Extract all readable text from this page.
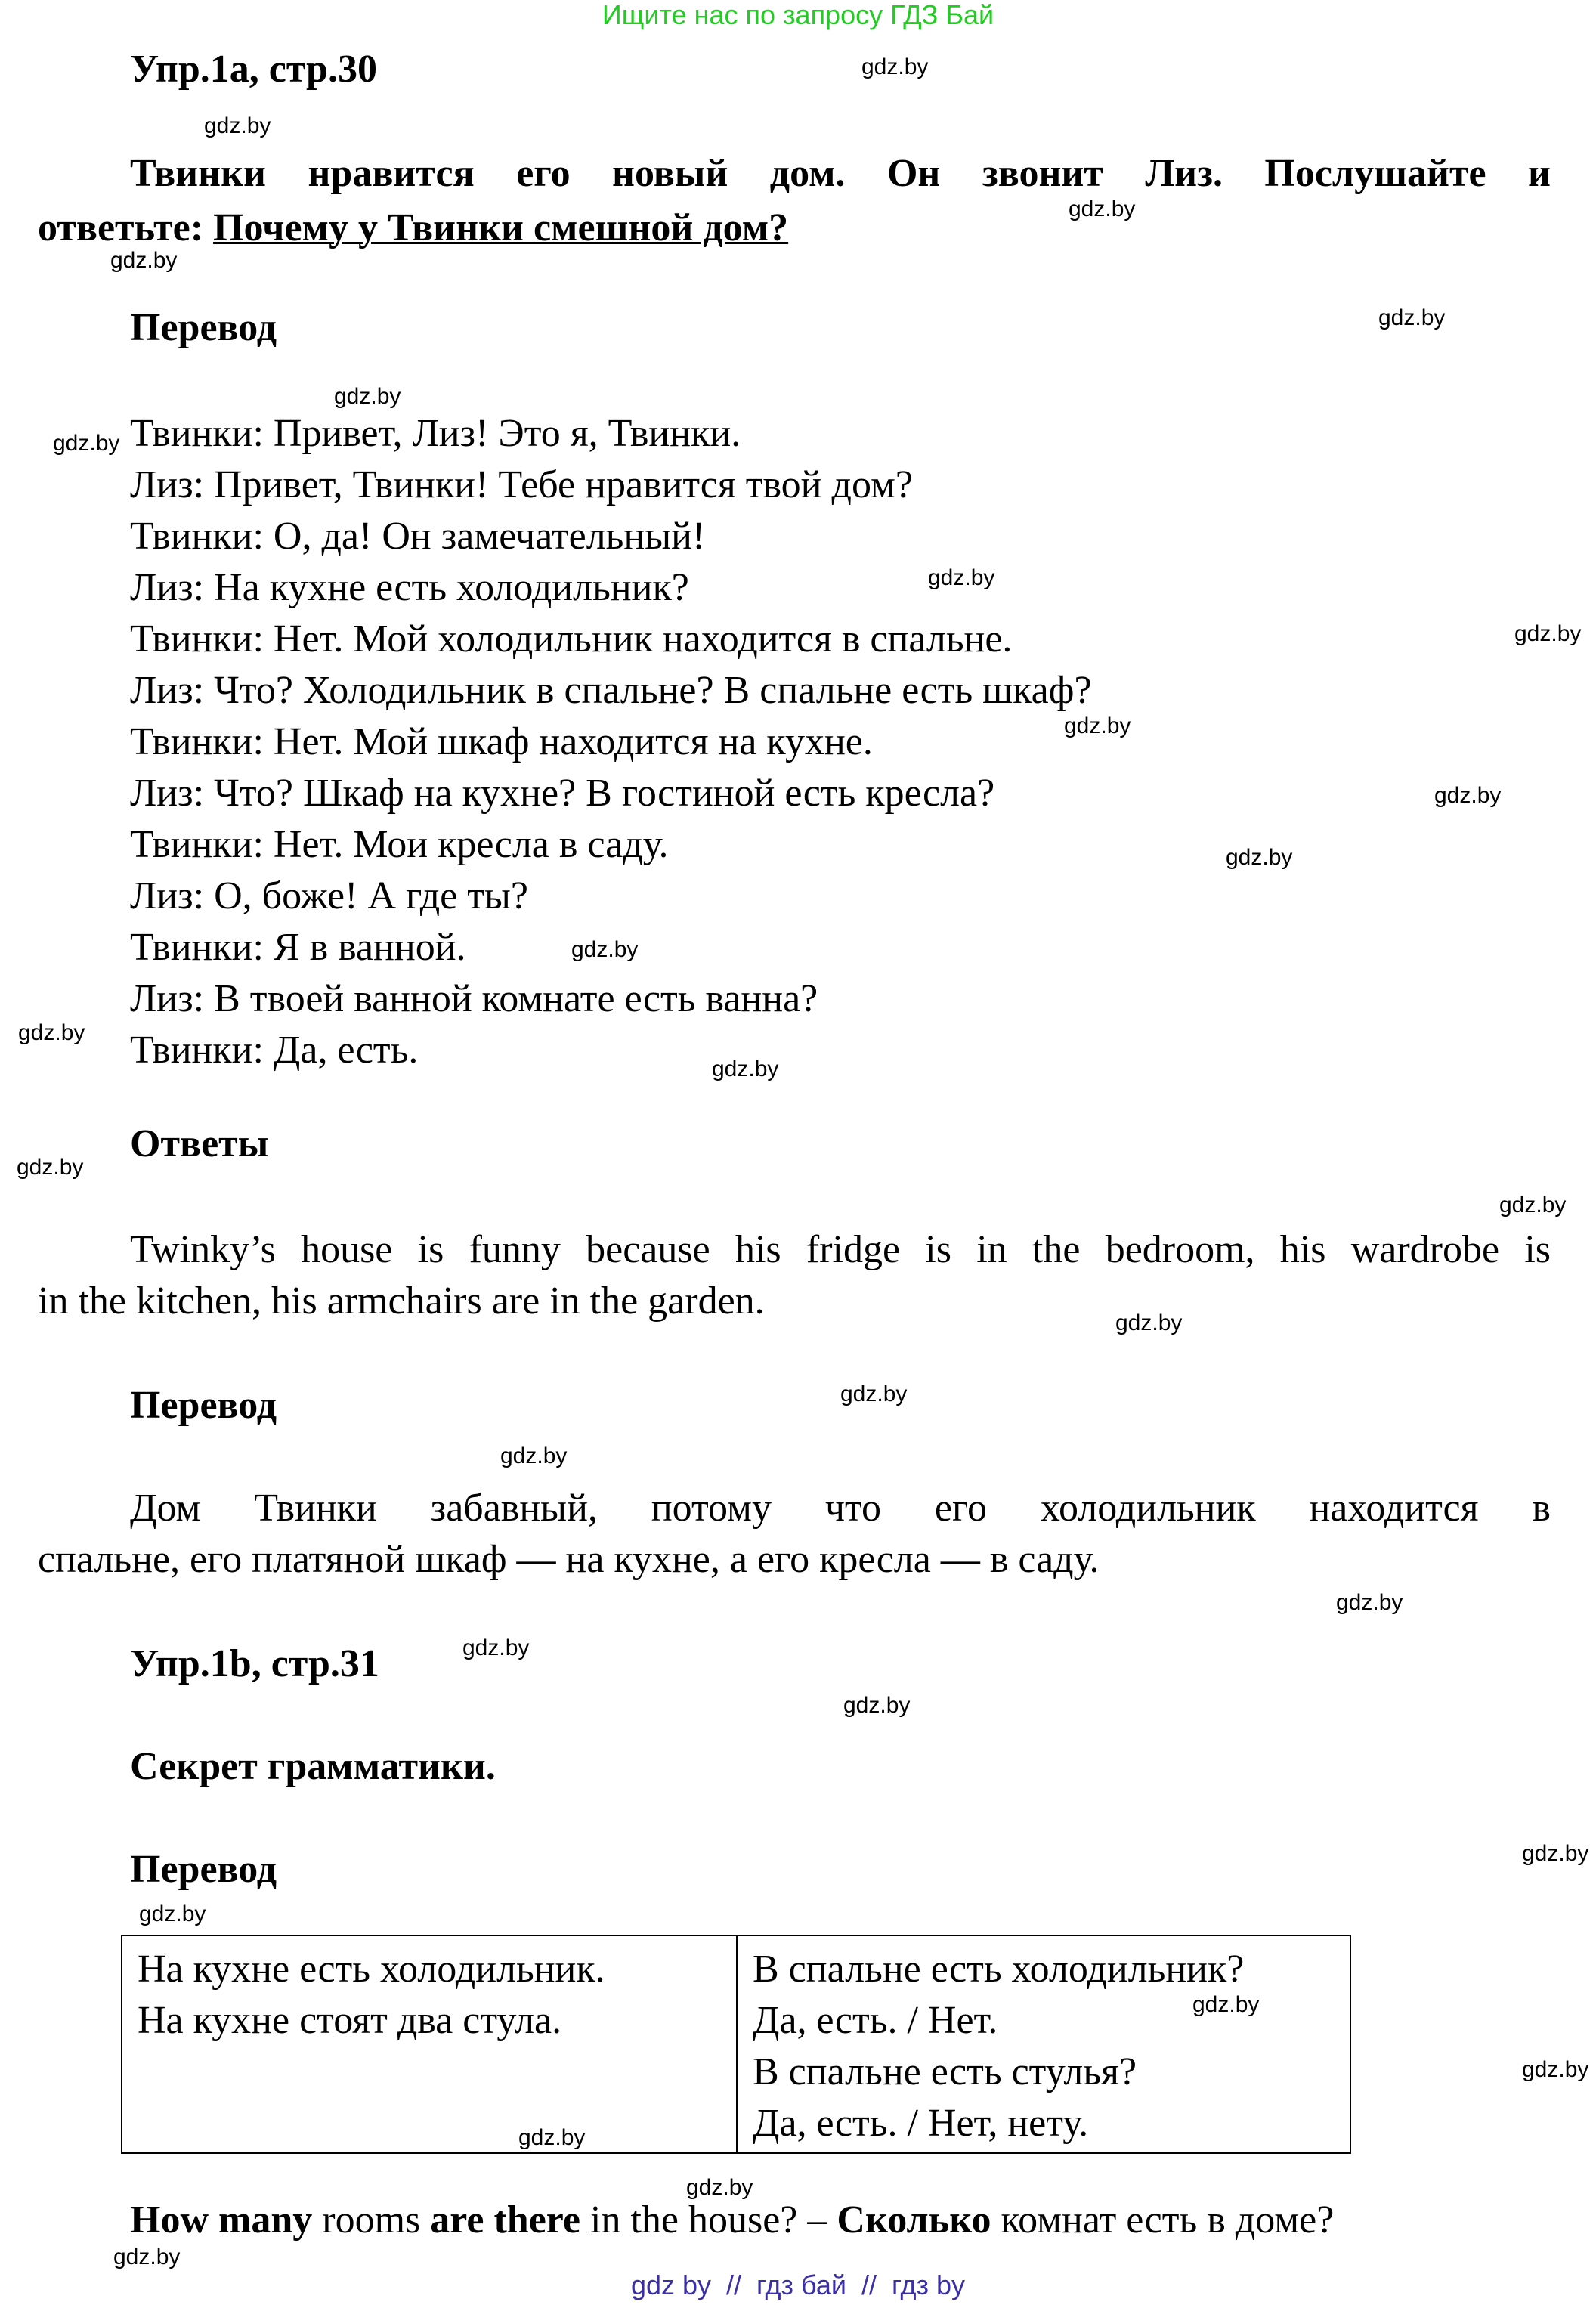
Ищите нас по запросу ГДЗ Бай
Упр.1а, стр.30
Твинки нравится его новый дом. Он звонит Лиз. Послушайте и
ответьте: Почему у Твинки смешной дом?
Перевод
Твинки: Привет, Лиз! Это я, Твинки.
Лиз: Привет, Твинки! Тебе нравится твой дом?
Твинки: О, да! Он замечательный!
Лиз: На кухне есть холодильник?
Твинки: Нет. Мой холодильник находится в спальне.
Лиз: Что? Холодильник в спальне? В спальне есть шкаф?
Твинки: Нет. Мой шкаф находится на кухне.
Лиз: Что? Шкаф на кухне? В гостиной есть кресла?
Твинки: Нет. Мои кресла в саду.
Лиз: О, боже! А где ты?
Твинки: Я в ванной.
Лиз: В твоей ванной комнате есть ванна?
Твинки: Да, есть.
Ответы
Twinky’s house is funny because his fridge is in the bedroom, his wardrobe is
in the kitchen, his armchairs are in the garden.
Перевод
Дом Твинки забавный, потому что его холодильник находится в
спальне, его платяной шкаф — на кухне, а его кресла — в саду.
Упр.1b, стр.31
Секрет грамматики.
Перевод
На кухне есть холодильник.
На кухне стоят два стула.
В спальне есть холодильник?
Да, есть. / Нет.
В спальне есть стулья?
Да, есть. / Нет, нету.
How many rooms are there in the house? – Сколько комнат есть в доме?
gdz.by
gdz.by
gdz.by
gdz.by
gdz.by
gdz.by
gdz.by
gdz.by
gdz.by
gdz.by
gdz.by
gdz.by
gdz.by
gdz.by
gdz.by
gdz.by
gdz.by
gdz.by
gdz.by
gdz.by
gdz.by
gdz.by
gdz.by
gdz.by
gdz.by
gdz.by
gdz.by
gdz.by
gdz.by
gdz.by
gdz by  //  гдз бай  //  гдз by
